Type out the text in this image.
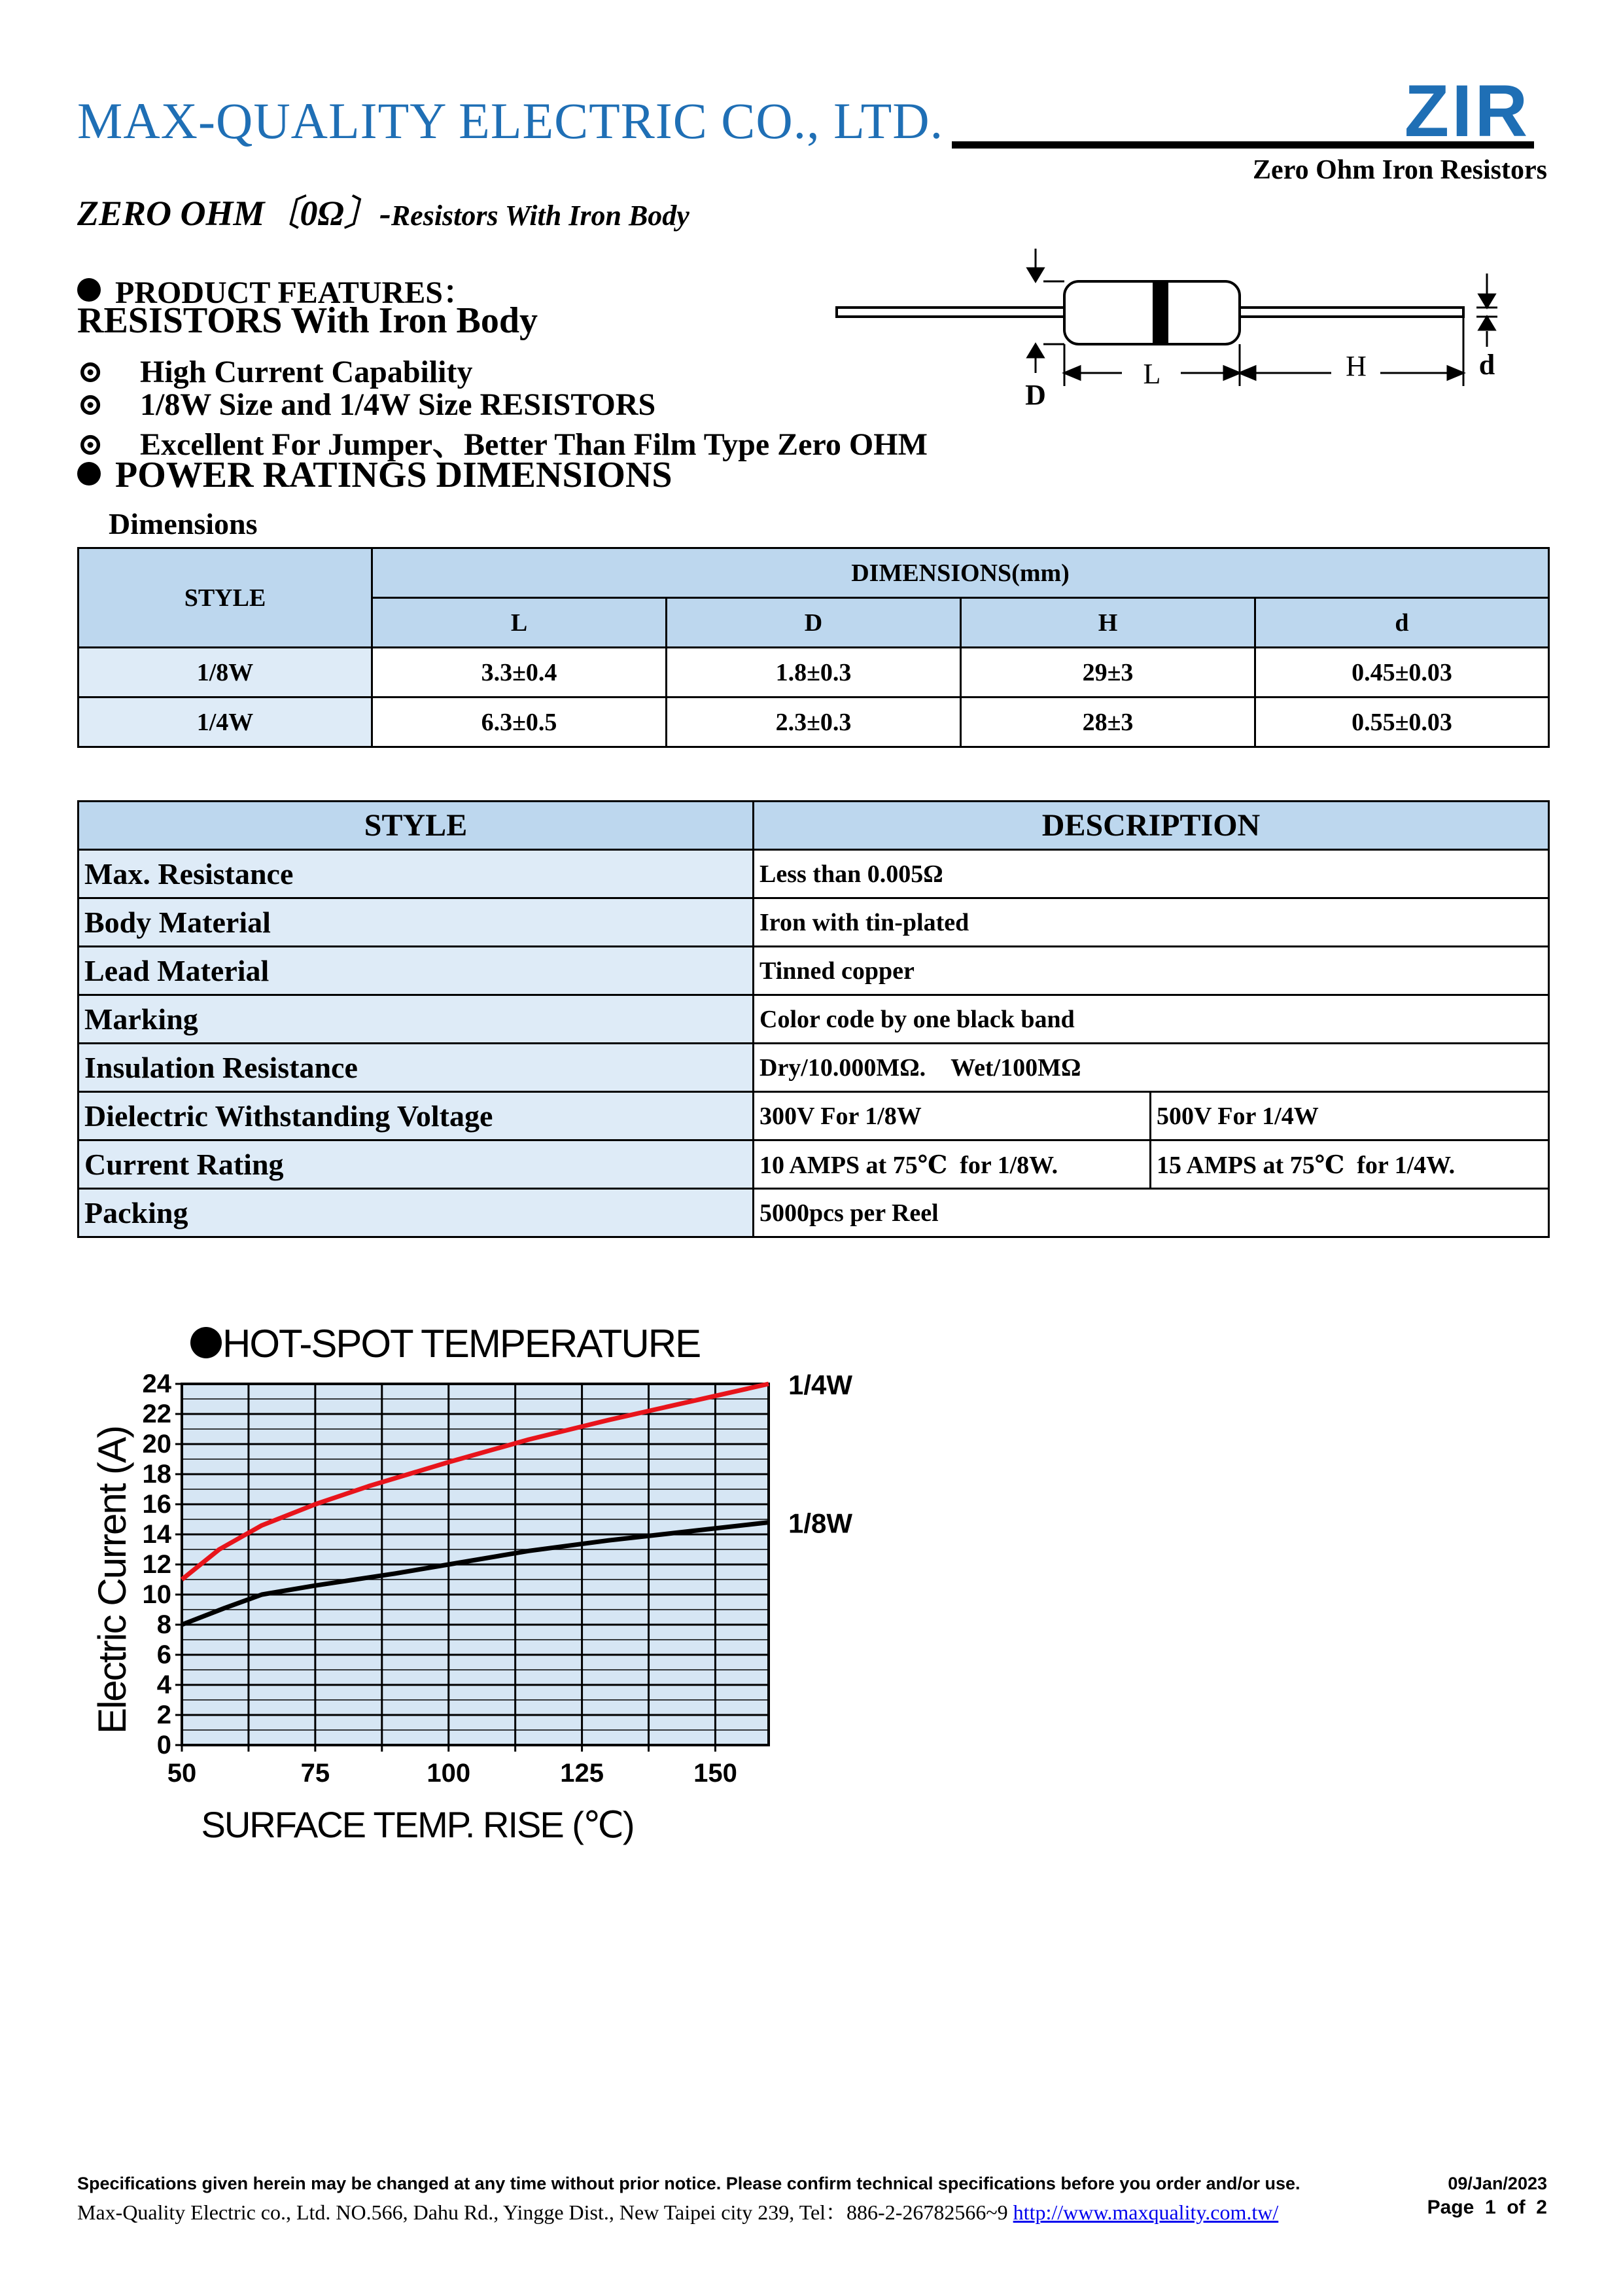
MAX-QUALITY ELECTRIC CO., LTD.	ZIR
Zero Ohm Iron Resistors
ZERO OHM〔0Ω〕-Resistors With Iron Body
PRODUCT FEATURES：
RESISTORS With Iron Body
⊙ High Current Capability
⊙ 1/8W Size and 1/4W Size RESISTORS
⊙ Excellent For Jumper、Better Than Film Type Zero OHM
L	H
D
d
POWER RATINGS DIMENSIONS
Dimensions
STYLE	DIMENSIONS(mm)			
	L	D	H	d
1/8W	3.3±0.4	1.8±0.3	29±3	0.45±0.03
1/4W	6.3±0.5	2.3±0.3	28±3	0.55±0.03
STYLE	DESCRIPTION	
Max. Resistance	Less than 0.005Ω	
Body Material	Iron with tin-plated	
Lead Material	Tinned copper	
Marking	Color code by one black band	
Insulation Resistance	Dry/10.000MΩ.    Wet/100MΩ	
Dielectric Withstanding Voltage	300V For 1/8W	500V For 1/4W
Current Rating	10 AMPS at 75℃  for 1/8W.	15 AMPS at 75℃  for 1/4W.
Packing	5000pcs per Reel	
HOT-SPOT TEMPERATURE
0
2
4
6
8
10
12
14
16
18
20
22
24
50	75	100	125	150
1/4W
1/8W
Electric Current (A)
SURFACE TEMP. RISE (℃)
Specifications given herein may be changed at any time without prior notice. Please confirm technical specifications before you order and/or use.	09/Jan/2023
Max-Quality Electric co., Ltd. NO.566, Dahu Rd., Yingge Dist., New Taipei city 239, Tel：886-2-26782566~9 http://www.maxquality.com.tw/	Page  1  of  2
